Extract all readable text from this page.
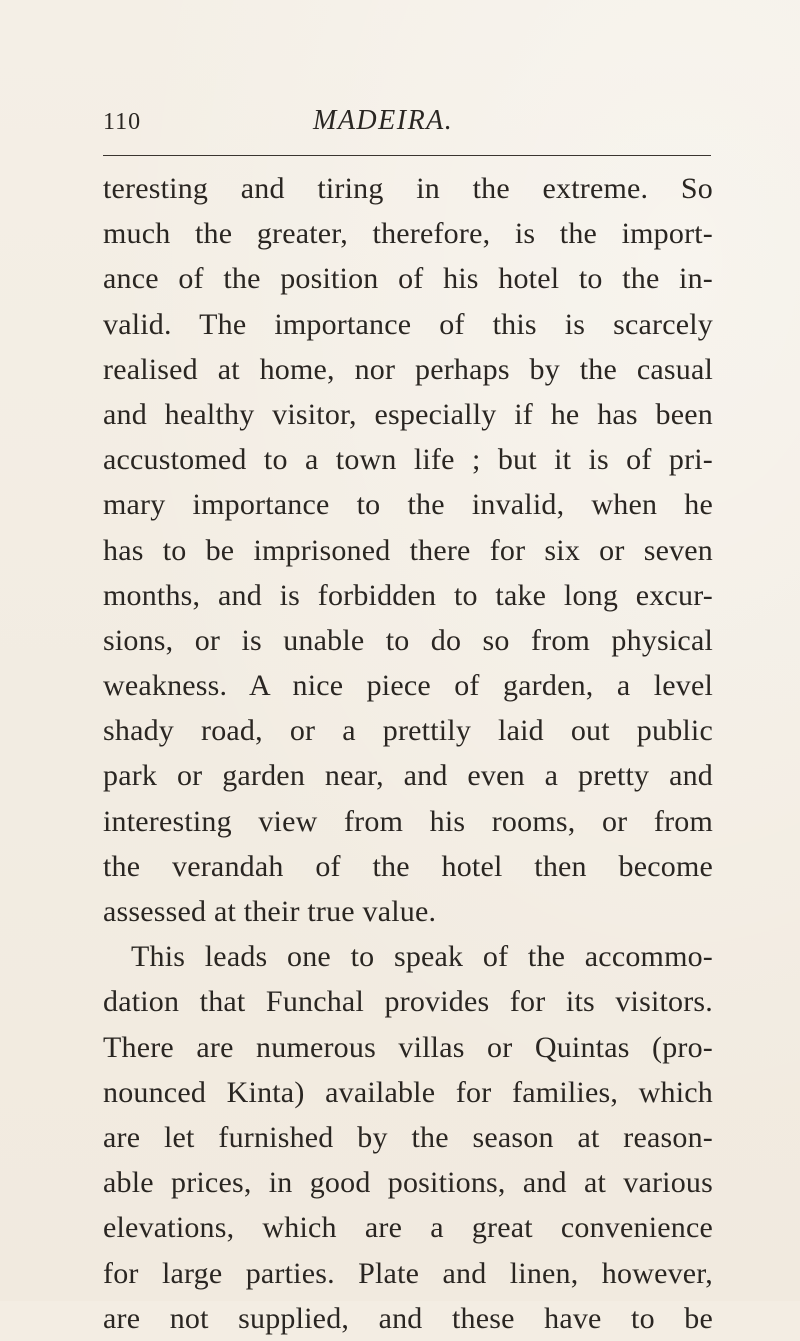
110	MADEIRA.
teresting and tiring in the extreme. So
much the greater, therefore, is the import-
ance of the position of his hotel to the in-
valid. The importance of this is scarcely
realised at home, nor perhaps by the casual
and healthy visitor, especially if he has been
accustomed to a town life ; but it is of pri-
mary importance to the invalid, when he
has to be imprisoned there for six or seven
months, and is forbidden to take long excur-
sions, or is unable to do so from physical
weakness. A nice piece of garden, a level
shady road, or a prettily laid out public
park or garden near, and even a pretty and
interesting view from his rooms, or from
the verandah of the hotel then become
assessed at their true value.
This leads one to speak of the accommo-
dation that Funchal provides for its visitors.
There are numerous villas or Quintas (pro-
nounced Kinta) available for families, which
are let furnished by the season at reason-
able prices, in good positions, and at various
elevations, which are a great convenience
for large parties. Plate and linen, however,
are not supplied, and these have to be
